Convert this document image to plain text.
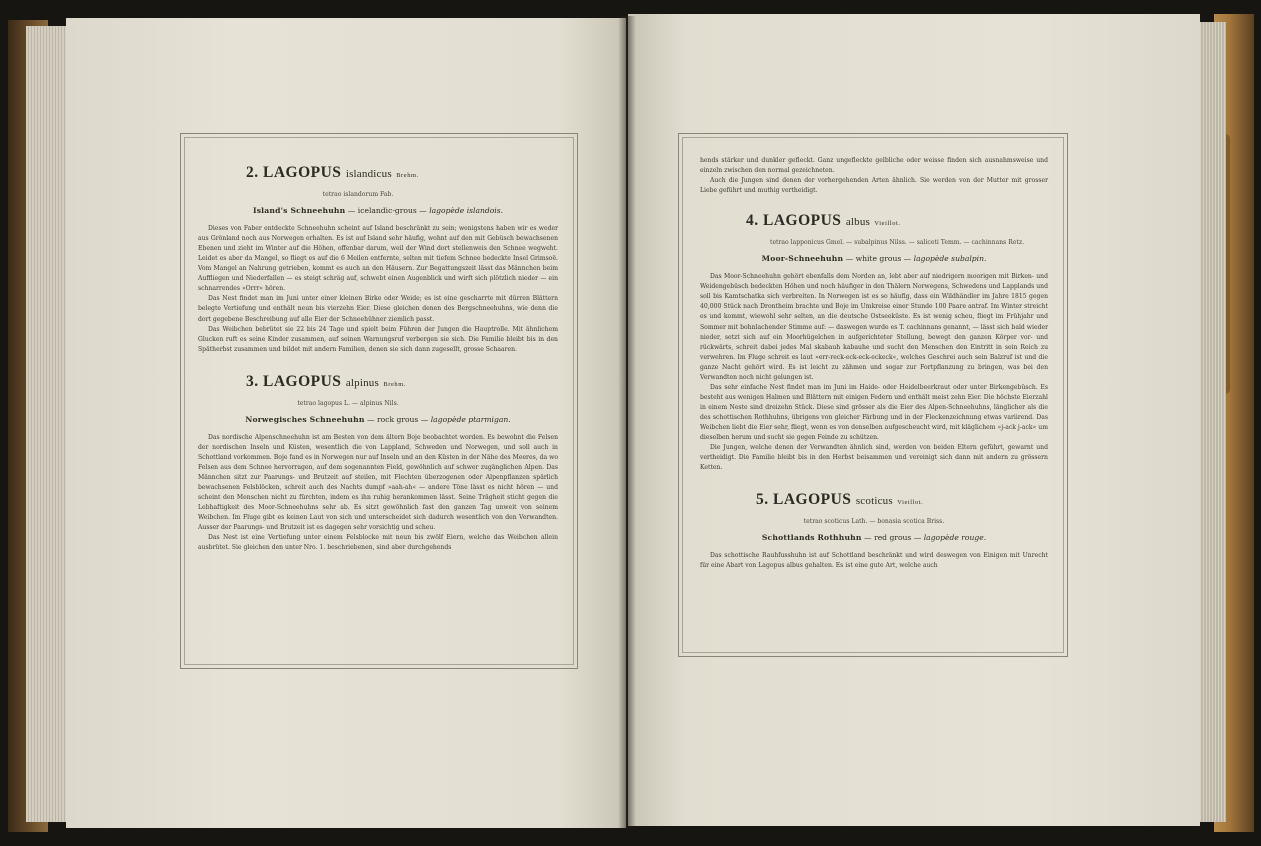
2. LAGOPUS islandicus Brehm.

tetrao islandorum Fab.

Island's Schneehuhn — icelandic-grous — lagopède islandois.

Dieses von Faber entdeckte Schneehuhn scheint auf Island beschränkt zu sein; wenigstens haben wir es weder aus Grönland noch aus Norwegen erhalten. Es ist auf Island sehr häufig, wohnt auf den mit Gebüsch bewachsenen Ebenen und zieht im Winter auf die Höhen, offenbar darum, weil der Wind dort stellenweis den Schnee wegweht. Leidet es aber da Mangel, so fliegt es auf die 6 Meilen entfernte, selten mit tiefem Schnee bedeckte Insel Grimsoë. Vom Mangel an Nahrung getrieben, kommt es auch an den Häusern. Zur Begattungszeit lässt das Männchen beim Auffliegen und Niederfallen — es steigt schräg auf, schwebt einen Augenblick und wirft sich plötzlich nieder — ein schnarrendes »Orrr« hören.

Das Nest findet man im Juni unter einer kleinen Birke oder Weide; es ist eine gescharrte mit dürren Blättern belegte Vertiefung und enthält neun bis vierzehn Eier. Diese gleichen denen des Bergschneehuhns, wie denn die dort gegebene Beschreibung auf alle Eier der Schneehühner ziemlich passt.

Das Weibchen bebrütet sie 22 bis 24 Tage und spielt beim Führen der Jungen die Hauptrolle. Mit ähnlichem Glucken ruft es seine Kinder zusammen, auf seinen Warnungsruf verbergen sie sich. Die Familie bleibt bis in den Spätherbst zusammen und bildet mit andern Familien, denen sie sich dann zugesellt, grosse Schaaren.

3. LAGOPUS alpinus Brehm.

tetrao lagopus L. — alpinus Nils.

Norwegisches Schneehuhn — rock grous — lagopède ptarmigan.

Das nordische Alpenschneehuhn ist am Besten von dem ältern Boje beobachtet worden. Es bewohnt die Felsen der nordischen Inseln und Küsten, wesentlich die von Lappland, Schweden und Norwegen, und soll auch in Schottland vorkommen. Boje fand es in Norwegen nur auf Inseln und an den Küsten in der Nähe des Meeres, da wo Felsen aus dem Schnee hervorragen, auf dem sogenannten Field, gewöhnlich auf schwer zugänglichen Alpen. Das Männchen sitzt zur Paarungs- und Brutzeit auf steilen, mit Flechten überzogenen oder Alpenpflanzen spärlich bewachsenen Felsblöcken, schreit auch des Nachts dumpf »aah-ah« — andere Töne lässt es nicht hören — und scheint den Menschen nicht zu fürchten, indem es ihn ruhig herankommen lässt. Seine Trägheit sticht gegen die Lebhaftigkeit des Moor-Schneehuhns sehr ab. Es sitzt gewöhnlich fast den ganzen Tag unweit von seinem Weibchen. Im Fluge gibt es keinen Laut von sich und unterscheidet sich dadurch wesentlich von den Verwandten. Ausser der Paarungs- und Brutzeit ist es dagegen sehr vorsichtig und scheu.

Das Nest ist eine Vertiefung unter einem Felsblocke mit neun bis zwölf Eiern, welche das Weibchen allein ausbrütet. Sie gleichen den unter Nro. 1. beschriebenen, sind aber durchgehends

hends stärker und dunkler gefleckt. Ganz ungefleckte gelbliche oder weisse finden sich ausnahmsweise und einzeln zwischen den normal gezeichneten.

Auch die Jungen sind denen der vorhergehenden Arten ähnlich. Sie werden von der Mutter mit grosser Liebe geführt und muthig vertheidigt.

4. LAGOPUS albus Vieillot.

tetrao lapponicus Gmel. — subalpinus Nilss. — saliceti Temm. — cachinnans Retz.

Moor-Schneehuhn — white grous — lagopède subalpin.

Das Moor-Schneehuhn gehört ebenfalls dem Norden an, lebt aber auf niedrigern moorigen mit Birken- und Weidengebüsch bedeckten Höhen und noch häufiger in den Thälern Norwegens, Schwedens und Lapplands und soll bis Kamtschatka sich verbreiten. In Norwegen ist es so häufig, dass ein Wildhändler im Jahre 1815 gegen 40,000 Stück nach Drontheim brachte und Boje im Umkreise einer Stunde 100 Paare antraf. Im Winter streicht es und kommt, wiewohl sehr selten, an die deutsche Ostseeküste. Es ist wenig scheu, fliegt im Frühjahr und Sommer mit bohnlachender Stimme auf: — daswegen wurde es T. cachinnans genannt, — lässt sich bald wieder nieder, setzt sich auf ein Moorhügelchen in aufgerichteter Stellung, bewegt den ganzen Körper vor- und rückwärts, schreit dabei jedes Mal skabauh kabauhe und sucht den Menschen den Eintritt in sein Reich zu verwehren. Im Fluge schreit es laut »err-reck-eck-eck-eckeck«, welches Geschrei auch sein Balzruf ist und die ganze Nacht gehört wird. Es ist leicht zu zähmen und sogar zur Fortpflanzung zu bringen, was bei den Verwandten noch nicht gelungen ist.

Das sehr einfache Nest findet man im Juni im Haide- oder Heidelbeerkraut oder unter Birkengebüsch. Es besteht aus wenigen Halmen und Blättern mit einigen Federn und enthält meist zehn Eier. Die höchste Eierzahl in einem Neste sind dreizehn Stück. Diese sind grösser als die Eier des Alpen-Schneehuhns, länglicher als die des schottischen Rothhuhns, übrigens von gleicher Färbung und in der Fleckenzeichnung etwas variirend. Das Weibchen liebt die Eier sehr, fliegt, wenn es von denselben aufgescheucht wird, mit kläglichem »j-ack j-ack« um dieselben herum und sucht sie gegen Feinde zu schützen.

Die Jungen, welche denen der Verwandten ähnlich sind, werden von beiden Eltern geführt, gewarnt und vertheidigt. Die Familie bleibt bis in den Herbst beisammen und vereinigt sich dann mit andern zu grössern Ketten.

5. LAGOPUS scoticus Vieillot.

tetrao scoticus Lath. — bonasia scotica Briss.

Schottlands Rothhuhn — red grous — lagopède rouge.

Das schottische Rauhfusshuhn ist auf Schottland beschränkt und wird deswegen von Einigen mit Unrecht für eine Abart von Lagopus albus gehalten. Es ist eine gute Art, welche auch
